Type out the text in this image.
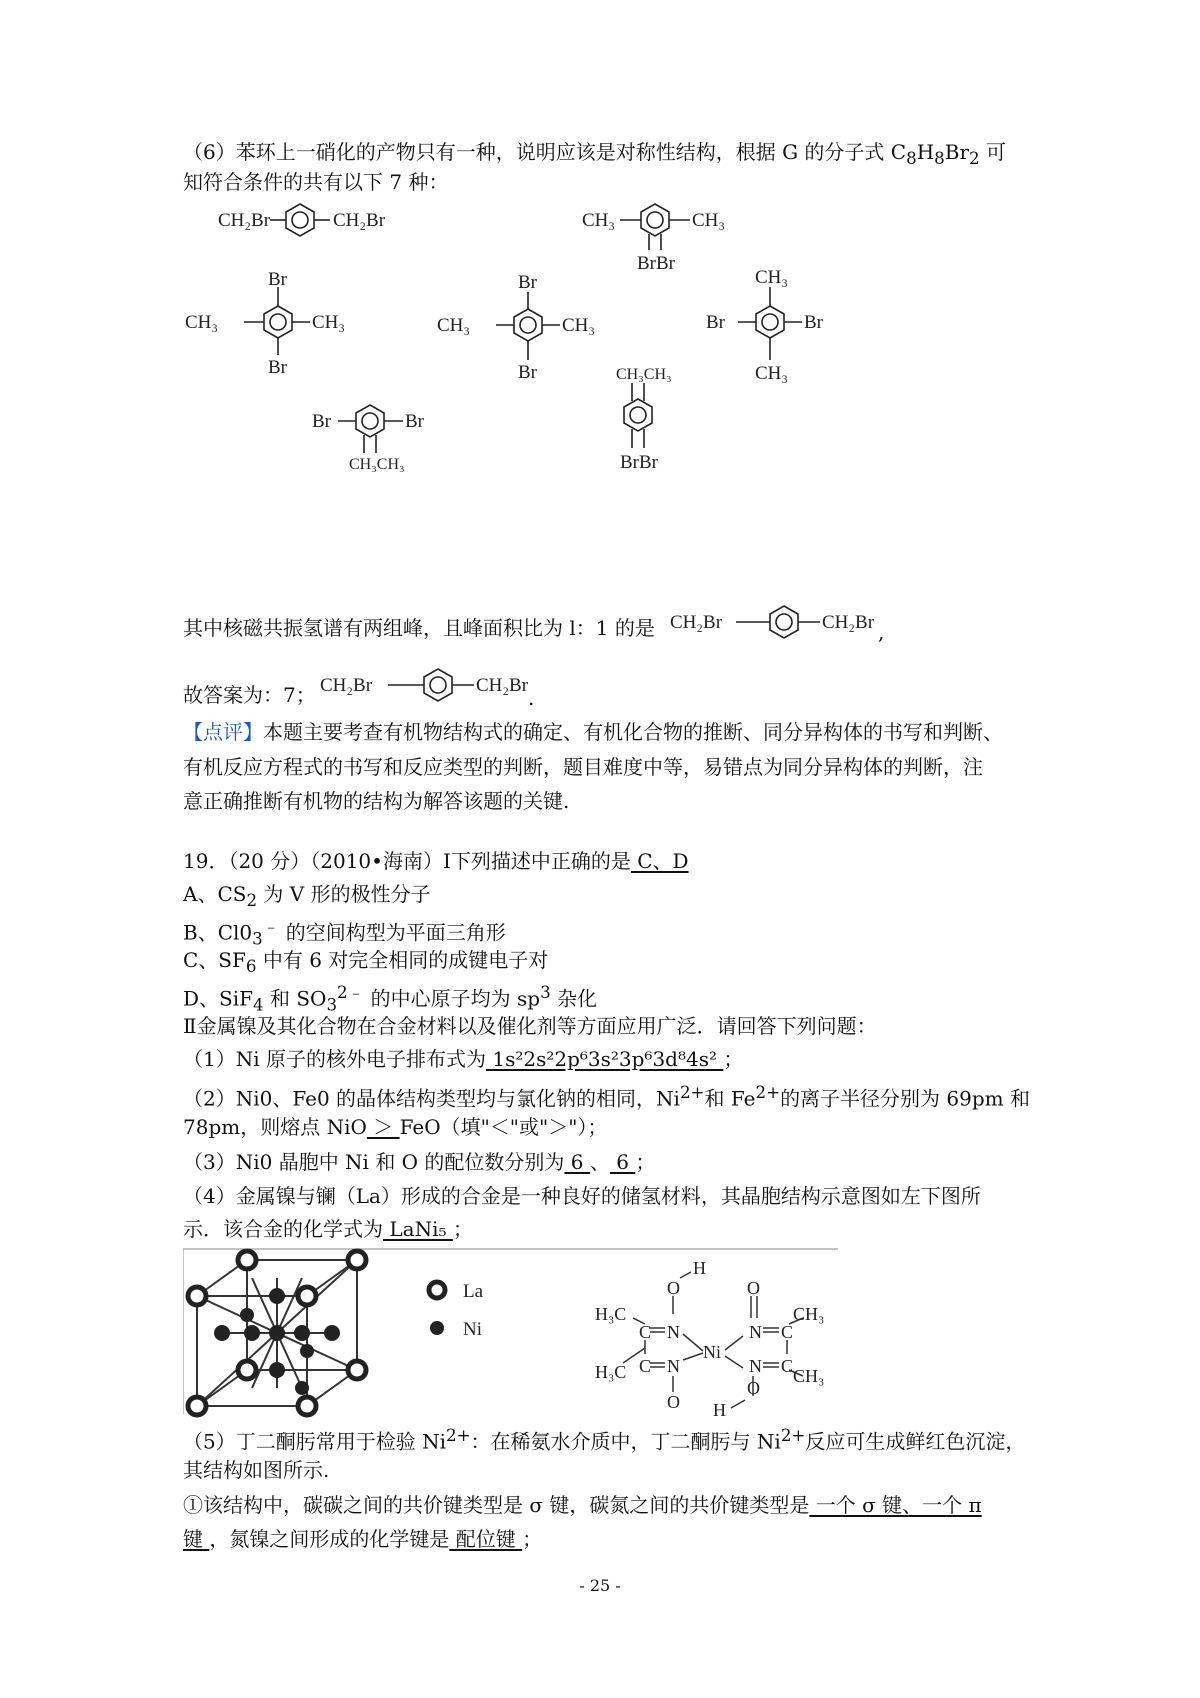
（6）苯环上一硝化的产物只有一种，说明应该是对称性结构，根据 G 的分子式 $C_8H_8Br_2$ 可
知符合条件的共有以下 7 种：
CH₂Br	CH₂Br	CH₃	CH₃
BrBr
Br
CH₃	CH₃
Br
Br
CH₃	CH₃
Br
CH₃
Br	Br
CH₃
Br	Br
CH₃CH₃
CH₃CH₃
BrBr
其中核磁共振氢谱有两组峰，且峰面积比为 l：1 的是 CH₂Br	CH₂Br ,
故答案为：7； CH₂Br	CH₂Br
.
【点评】本题主要考查有机物结构式的确定、有机化合物的推断、同分异构体的书写和判断、
有机反应方程式的书写和反应类型的判断，题目难度中等，易错点为同分异构体的判断，注
意正确推断有机物的结构为解答该题的关键.
19．（20 分）（2010•海南）Ⅰ下列描述中正确的是 C、D
A、$CS_2$ 为 V 形的极性分子
B、$Cl0_3^﹣$ 的空间构型为平面三角形
C、$SF_6$ 中有 6 对完全相同的成键电子对
D、SiF$_4$ 和 $SO_3^{2﹣}$ 的中心原子均为 $sp^3$ 杂化
Ⅱ金属镍及其化合物在合金材料以及催化剂等方面应用广泛．请回答下列问题：
（1）Ni 原子的核外电子排布式为 1s²2s²2p⁶3s²3p⁶3d⁸4s² ；
（2）Ni0、Fe0 的晶体结构类型均与氯化钠的相同，$Ni^{2+}$和 $Fe^{2+}$的离子半径分别为 69pm 和
78pm，则熔点 NiO ＞ FeO（填"＜"或"＞"）；
（3）Ni0 晶胞中 Ni 和 O 的配位数分别为 6 、 6 ；
（4）金属镍与镧（La）形成的合金是一种良好的储氢材料，其晶胞结构示意图如左下图所
示．该合金的化学式为 LaNi₅ ；
La
Ni
H
O	O
H₃C
H₃C
CH₃
CH₃
C
C
C
C
N
N
N
N
Ni
O
O
H
（5）丁二酮肟常用于检验 $Ni^{2+}$：在稀氨水介质中，丁二酮肟与 $Ni^{2+}$反应可生成鲜红色沉淀，
其结构如图所示.
①该结构中，碳碳之间的共价键类型是 σ 键，碳氮之间的共价键类型是 一个 σ 键、一个 π
键 ，氮镍之间形成的化学键是 配位键 ；
- 25 -
